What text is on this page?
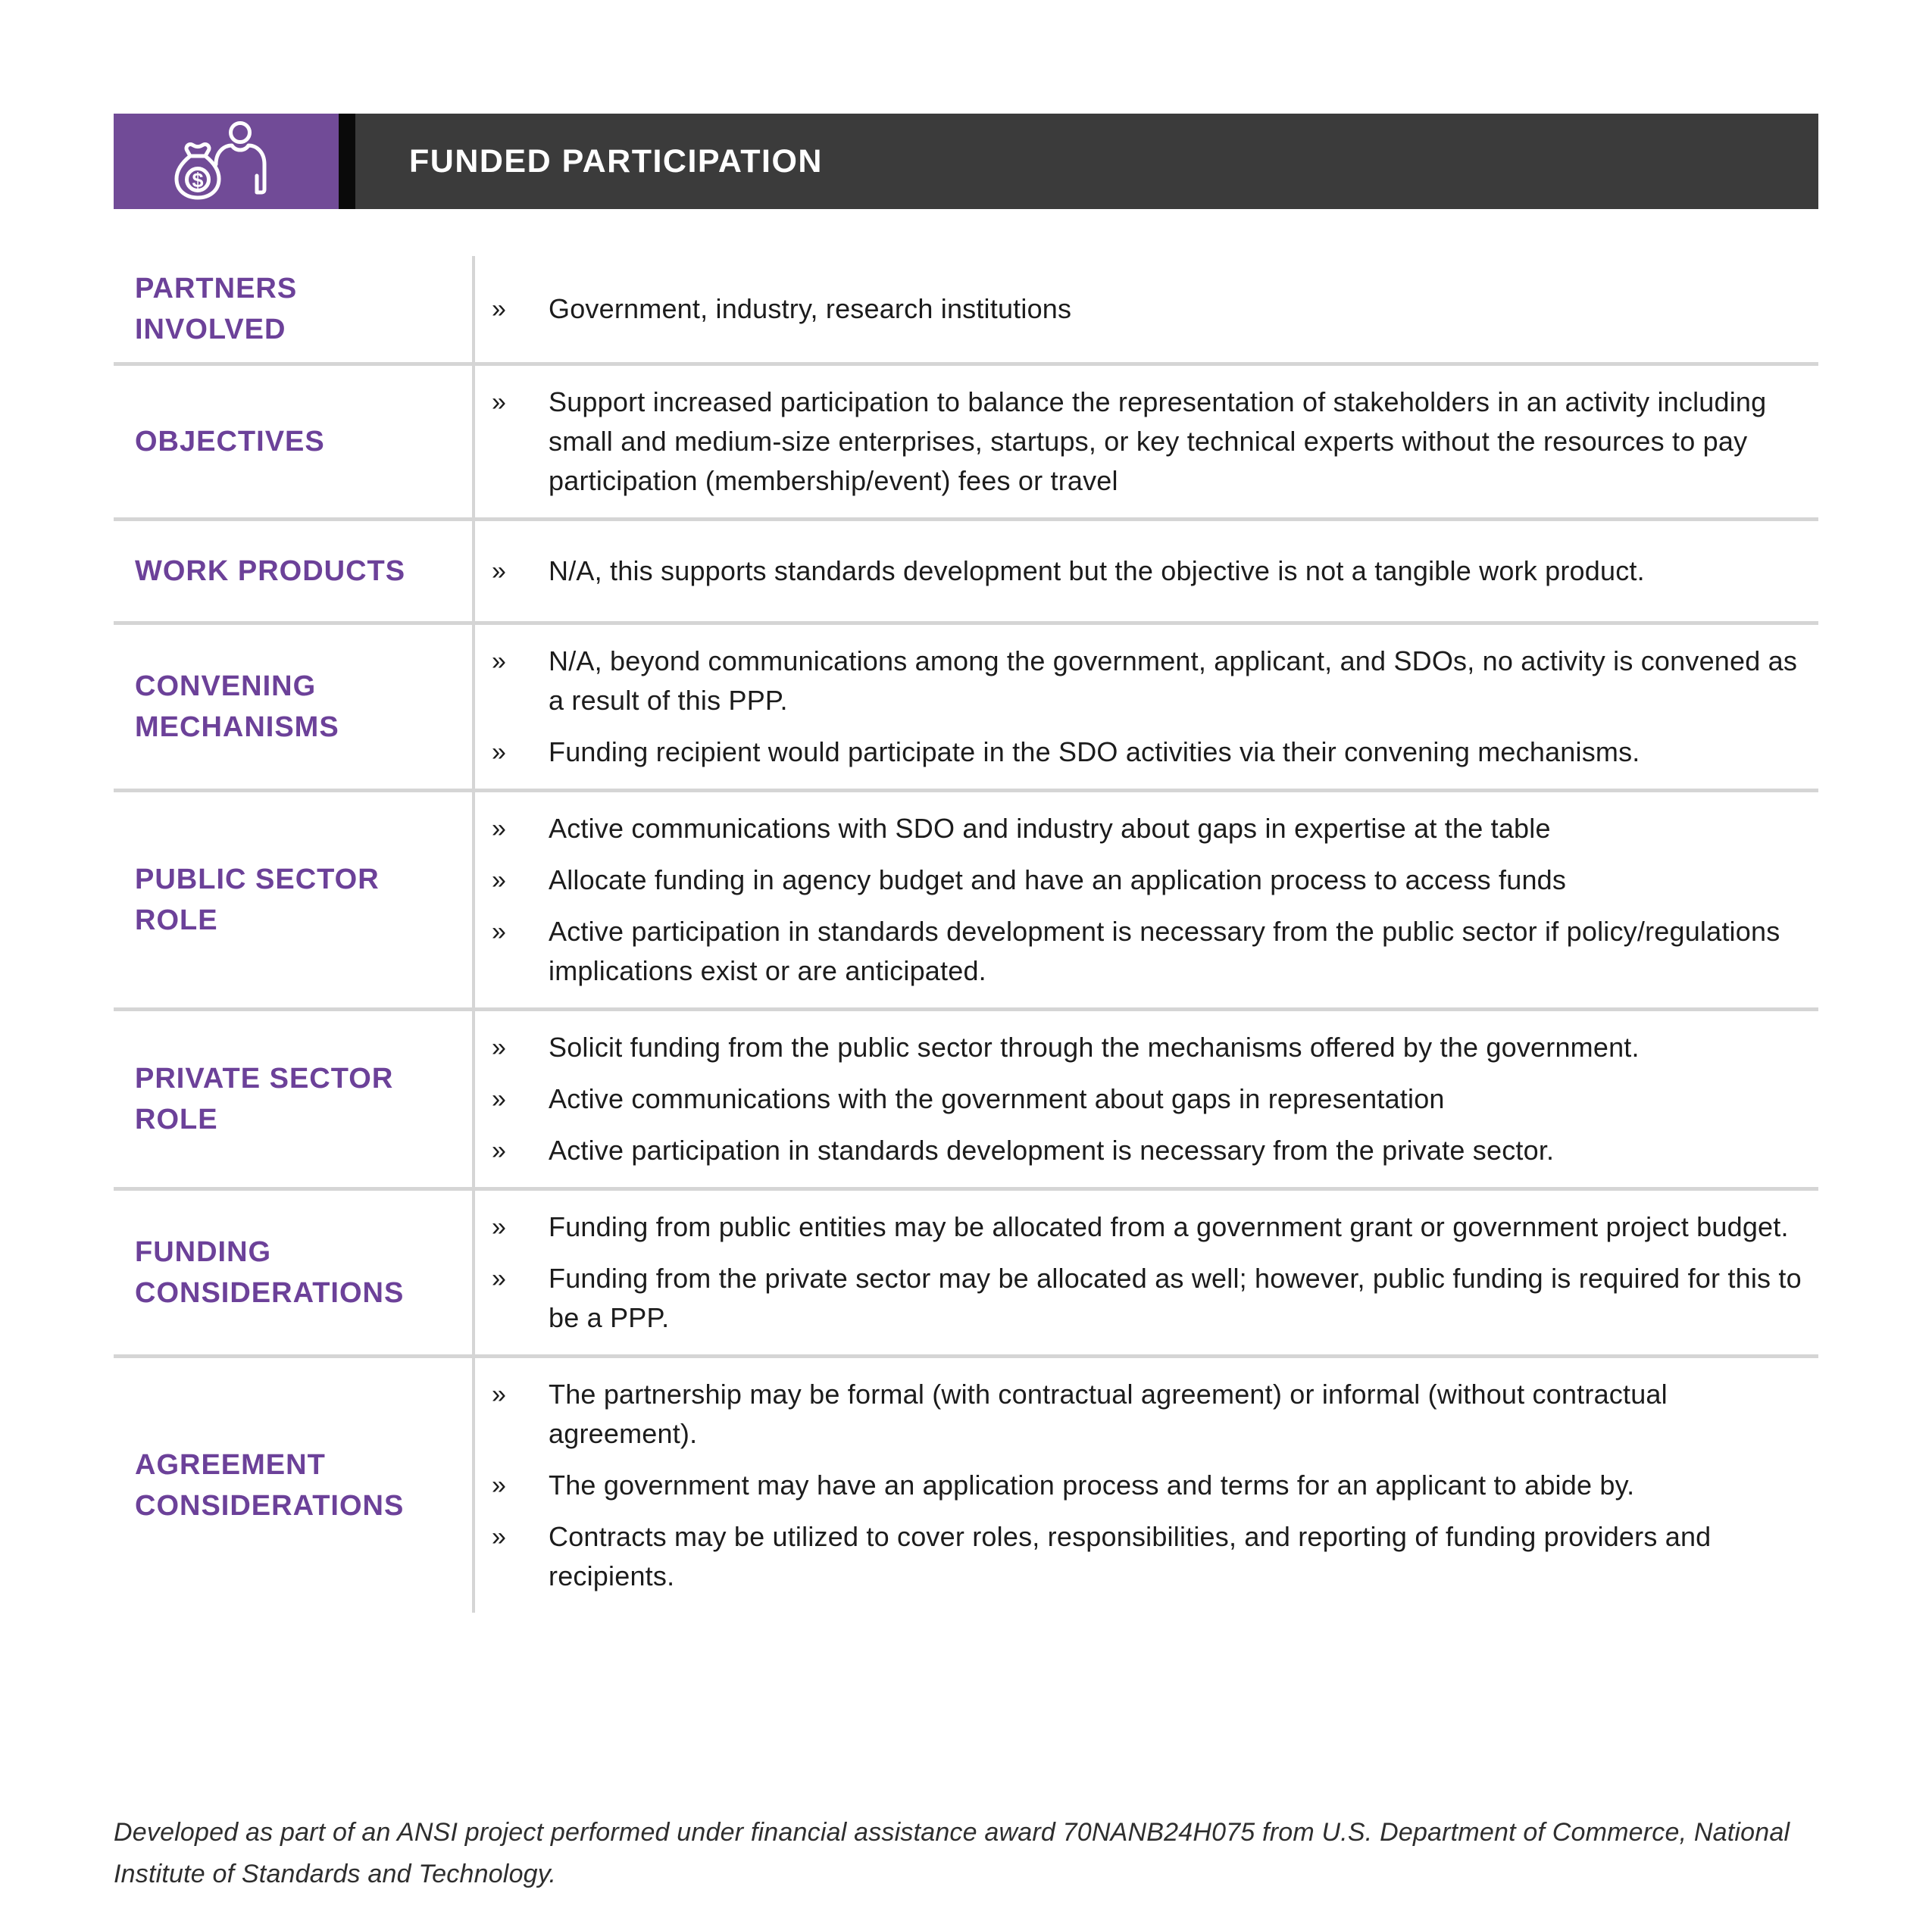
$
FUNDED PARTICIPATION
PARTNERS INVOLVED
»	Government, industry, research institutions
OBJECTIVES
»	Support increased participation to balance the representation of stakeholders in an activity including small and medium-size enterprises, startups, or key technical experts without the resources to pay participation (membership/event) fees or travel
WORK PRODUCTS	»	N/A, this supports standards development but the objective is not a tangible work product.
CONVENING MECHANISMS
»	N/A, beyond communications among the government, applicant, and SDOs, no activity is convened as a result of this PPP.
»	Funding recipient would participate in the SDO activities via their convening mechanisms.
PUBLIC SECTOR ROLE
»	Active communications with SDO and industry about gaps in expertise at the table
»	Allocate funding in agency budget and have an application process to access funds
»	Active participation in standards development is necessary from the public sector if policy/regulations implications exist or are anticipated.
PRIVATE SECTOR ROLE
»	Solicit funding from the public sector through the mechanisms offered by the government.
»	Active communications with the government about gaps in representation
»	Active participation in standards development is necessary from the private sector.
FUNDING CONSIDERATIONS
»	Funding from public entities may be allocated from a government grant or government project budget.
»	Funding from the private sector may be allocated as well; however, public funding is required for this to be a PPP.
AGREEMENT CONSIDERATIONS
»	The partnership may be formal (with contractual agreement) or informal (without contractual agreement).
»	The government may have an application process and terms for an applicant to abide by.
»	Contracts may be utilized to cover roles, responsibilities, and reporting of funding providers and recipients.

Developed as part of an ANSI project performed under financial assistance award 70NANB24H075 from U.S. Department of Commerce, National Institute of Standards and Technology.
